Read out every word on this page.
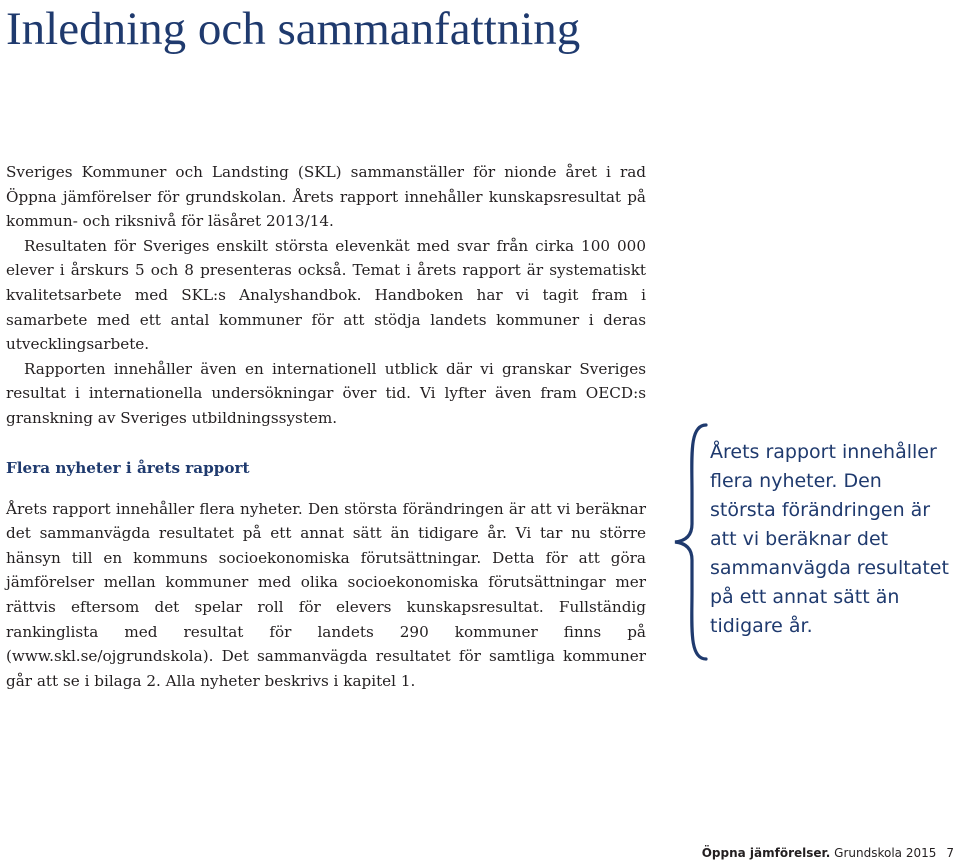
Inledning och sammanfattning

Sveriges Kommuner och Landsting (SKL) sammanställer för nionde året i rad Öppna jämförelser för grundskolan. Årets rapport innehåller kunskapsresultat på kommun- och riksnivå för läsåret 2013/14.

Resultaten för Sveriges enskilt största elevenkät med svar från cirka 100 000 elever i årskurs 5 och 8 presenteras också. Temat i årets rapport är systematiskt kvalitetsarbete med SKL:s Analyshandbok. Handboken har vi tagit fram i samarbete med ett antal kommuner för att stödja landets kommuner i deras utvecklingsarbete.

Rapporten innehåller även en internationell utblick där vi granskar Sveriges resultat i internationella undersökningar över tid. Vi lyfter även fram OECD:s granskning av Sveriges utbildningssystem.

Flera nyheter i årets rapport

Årets rapport innehåller flera nyheter. Den största förändringen är att vi beräknar det sammanvägda resultatet på ett annat sätt än tidigare år. Vi tar nu större hänsyn till en kommuns socioekonomiska förutsättningar. Detta för att göra jämförelser mellan kommuner med olika socioekonomiska förutsättningar mer rättvis eftersom det spelar roll för elevers kunskapsresultat. Fullständig rankinglista med resultat för landets 290 kommuner finns på (www.skl.se/ojgrundskola). Det sammanvägda resultatet för samtliga kommuner går att se i bilaga 2. Alla nyheter beskrivs i kapitel 1.

Årets rapport innehåller flera nyheter. Den största förändringen är att vi beräknar det sammanvägda resultatet på ett annat sätt än tidigare år.

Öppna jämförelser. Grundskola 2015 7
